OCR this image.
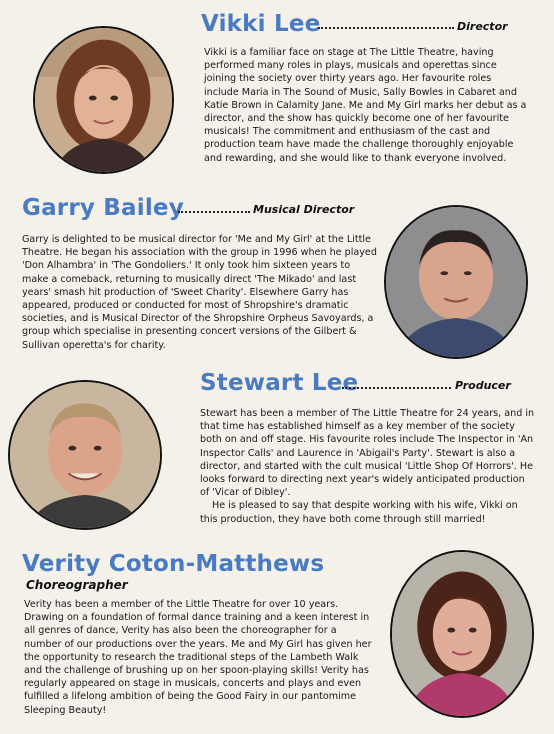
Vikki Lee	Director

Vikki is a familiar face on stage at The Little Theatre, having performed many roles in plays, musicals and operettas since joining the society over thirty years ago. Her favourite roles include Maria in The Sound of Music, Sally Bowles in Cabaret and Katie Brown in Calamity Jane. Me and My Girl marks her debut as a director, and the show has quickly become one of her favourite musicals! The commitment and enthusiasm of the cast and production team have made the challenge thoroughly enjoyable and rewarding, and she would like to thank everyone involved.

Garry Bailey	Musical Director

Garry is delighted to be musical director for 'Me and My Girl' at the Little Theatre. He began his association with the group in 1996 when he played 'Don Alhambra' in 'The Gondoliers.' It only took him sixteen years to make a comeback, returning to musically direct 'The Mikado' and last years' smash hit production of 'Sweet Charity'. Elsewhere Garry has appeared, produced or conducted for most of Shropshire's dramatic societies, and is Musical Director of the Shropshire Orpheus Savoyards, a group which specialise in presenting concert versions of the Gilbert & Sullivan operetta's for charity.

Stewart Lee	Producer

Stewart has been a member of The Little Theatre for 24 years, and in that time has established himself as a key member of the society both on and off stage. His favourite roles include The Inspector in 'An Inspector Calls' and Laurence in 'Abigail's Party'. Stewart is also a director, and started with the cult musical 'Little Shop Of Horrors'. He looks forward to directing next year's widely anticipated production of 'Vicar of Dibley'.

He is pleased to say that despite working with his wife, Vikki on this production, they have both come through still married!

Verity Coton-Matthews
Choreographer

Verity has been a member of the Little Theatre for over 10 years. Drawing on a foundation of formal dance training and a keen interest in all genres of dance, Verity has also been the choreographer for a number of our productions over the years. Me and My Girl has given her the opportunity to research the traditional steps of the Lambeth Walk and the challenge of brushing up on her spoon-playing skills! Verity has regularly appeared on stage in musicals, concerts and plays and even fulfilled a lifelong ambition of being the Good Fairy in our pantomime Sleeping Beauty!
